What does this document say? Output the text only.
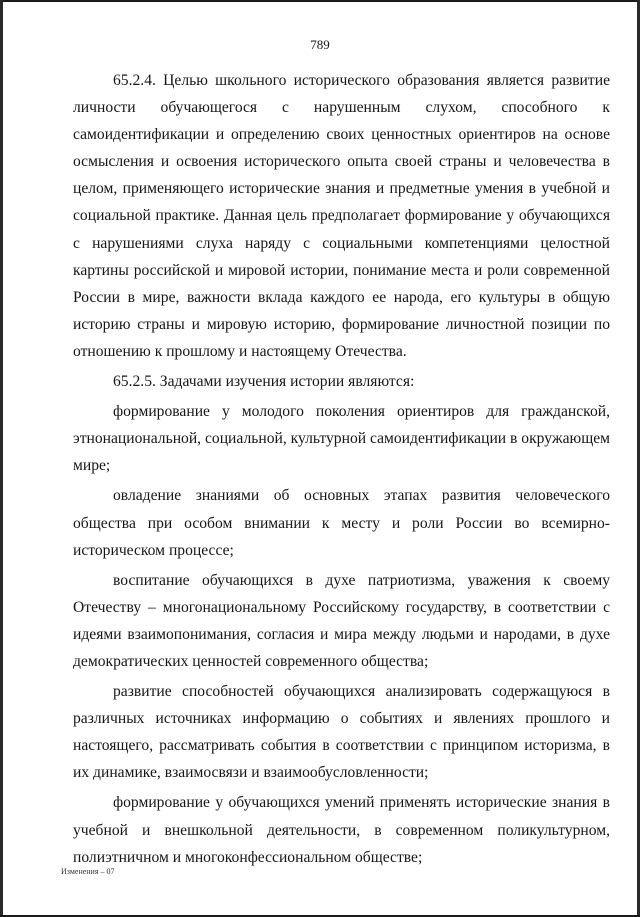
789

65.2.4. Целью школьного исторического образования является развитие личности обучающегося с нарушенным слухом, способного к самоидентификации и определению своих ценностных ориентиров на основе осмысления и освоения исторического опыта своей страны и человечества в целом, применяющего исторические знания и предметные умения в учебной и социальной практике. Данная цель предполагает формирование у обучающихся с нарушениями слуха наряду с социальными компетенциями целостной картины российской и мировой истории, понимание места и роли современной России в мире, важности вклада каждого ее народа, его культуры в общую историю страны и мировую историю, формирование личностной позиции по отношению к прошлому и настоящему Отечества.

65.2.5. Задачами изучения истории являются:

формирование у молодого поколения ориентиров для гражданской, этнонациональной, социальной, культурной самоидентификации в окружающем мире;

овладение знаниями об основных этапах развития человеческого общества при особом внимании к месту и роли России во всемирно-историческом процессе;

воспитание обучающихся в духе патриотизма, уважения к своему Отечеству – многонациональному Российскому государству, в соответствии с идеями взаимопонимания, согласия и мира между людьми и народами, в духе демократических ценностей современного общества;

развитие способностей обучающихся анализировать содержащуюся в различных источниках информацию о событиях и явлениях прошлого и настоящего, рассматривать события в соответствии с принципом историзма, в их динамике, взаимосвязи и взаимообусловленности;

формирование у обучающихся умений применять исторические знания в учебной и внешкольной деятельности, в современном поликультурном, полиэтничном и многоконфессиональном обществе;

Изменения – 07
